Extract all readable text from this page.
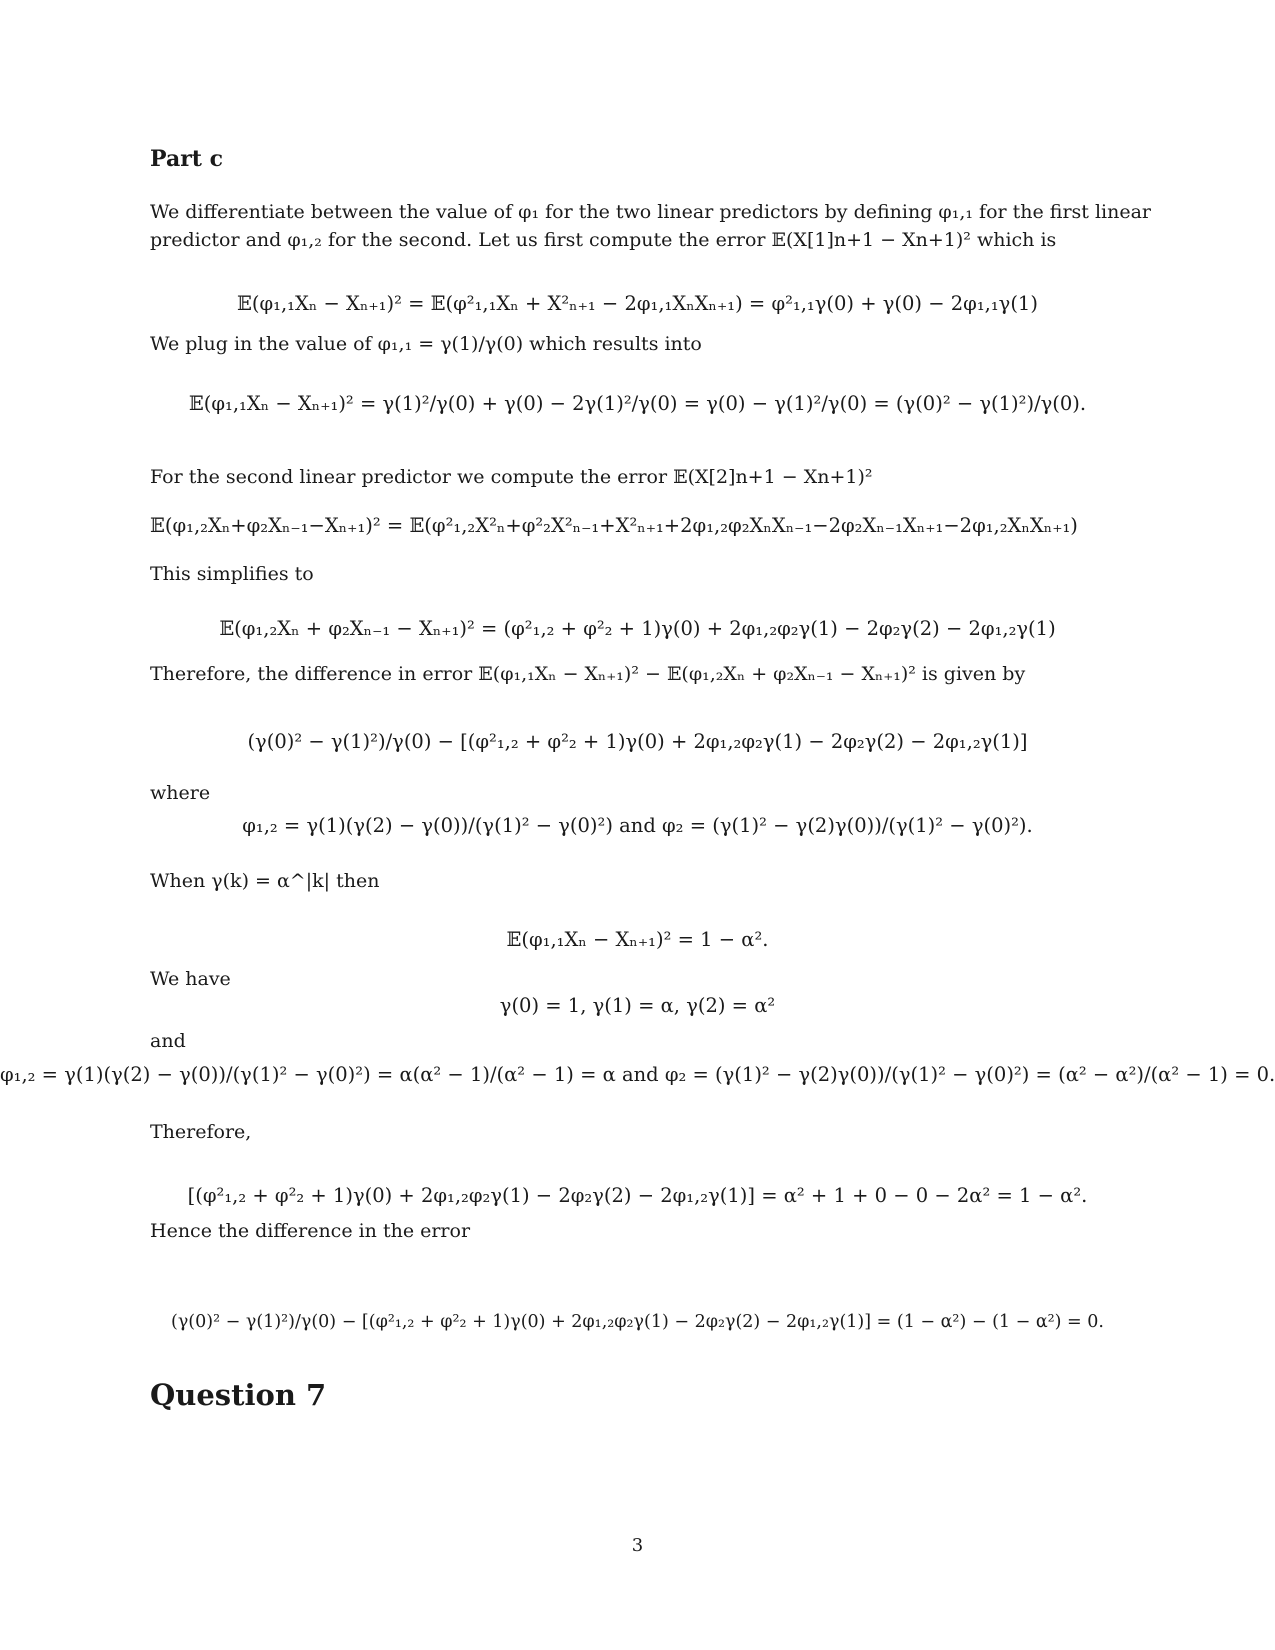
Part c
We differentiate between the value of φ₁ for the two linear predictors by defining φ₁,₁ for the first linear
predictor and φ₁,₂ for the second. Let us first compute the error 𝔼(X[1]n+1 − Xn+1)² which is
𝔼(φ₁,₁Xₙ − Xₙ₊₁)² = 𝔼(φ²₁,₁Xₙ + X²ₙ₊₁ − 2φ₁,₁XₙXₙ₊₁) = φ²₁,₁γ(0) + γ(0) − 2φ₁,₁γ(1)
We plug in the value of φ₁,₁ = γ(1)/γ(0) which results into
𝔼(φ₁,₁Xₙ − Xₙ₊₁)² = γ(1)²/γ(0) + γ(0) − 2γ(1)²/γ(0) = γ(0) − γ(1)²/γ(0) = (γ(0)² − γ(1)²)/γ(0).
For the second linear predictor we compute the error 𝔼(X[2]n+1 − Xn+1)²
𝔼(φ₁,₂Xₙ+φ₂Xₙ₋₁−Xₙ₊₁)² = 𝔼(φ²₁,₂X²ₙ+φ²₂X²ₙ₋₁+X²ₙ₊₁+2φ₁,₂φ₂XₙXₙ₋₁−2φ₂Xₙ₋₁Xₙ₊₁−2φ₁,₂XₙXₙ₊₁)
This simplifies to
𝔼(φ₁,₂Xₙ + φ₂Xₙ₋₁ − Xₙ₊₁)² = (φ²₁,₂ + φ²₂ + 1)γ(0) + 2φ₁,₂φ₂γ(1) − 2φ₂γ(2) − 2φ₁,₂γ(1)
Therefore, the difference in error 𝔼(φ₁,₁Xₙ − Xₙ₊₁)² − 𝔼(φ₁,₂Xₙ + φ₂Xₙ₋₁ − Xₙ₊₁)² is given by
(γ(0)² − γ(1)²)/γ(0) − [(φ²₁,₂ + φ²₂ + 1)γ(0) + 2φ₁,₂φ₂γ(1) − 2φ₂γ(2) − 2φ₁,₂γ(1)]
where
φ₁,₂ = γ(1)(γ(2) − γ(0))/(γ(1)² − γ(0)²) and φ₂ = (γ(1)² − γ(2)γ(0))/(γ(1)² − γ(0)²).
When γ(k) = α^|k| then
𝔼(φ₁,₁Xₙ − Xₙ₊₁)² = 1 − α².
We have
γ(0) = 1, γ(1) = α, γ(2) = α²
and
φ₁,₂ = γ(1)(γ(2) − γ(0))/(γ(1)² − γ(0)²) = α(α² − 1)/(α² − 1) = α and φ₂ = (γ(1)² − γ(2)γ(0))/(γ(1)² − γ(0)²) = (α² − α²)/(α² − 1) = 0.
Therefore,
[(φ²₁,₂ + φ²₂ + 1)γ(0) + 2φ₁,₂φ₂γ(1) − 2φ₂γ(2) − 2φ₁,₂γ(1)] = α² + 1 + 0 − 0 − 2α² = 1 − α².
Hence the difference in the error
(γ(0)² − γ(1)²)/γ(0) − [(φ²₁,₂ + φ²₂ + 1)γ(0) + 2φ₁,₂φ₂γ(1) − 2φ₂γ(2) − 2φ₁,₂γ(1)] = (1 − α²) − (1 − α²) = 0.
Question 7
3
